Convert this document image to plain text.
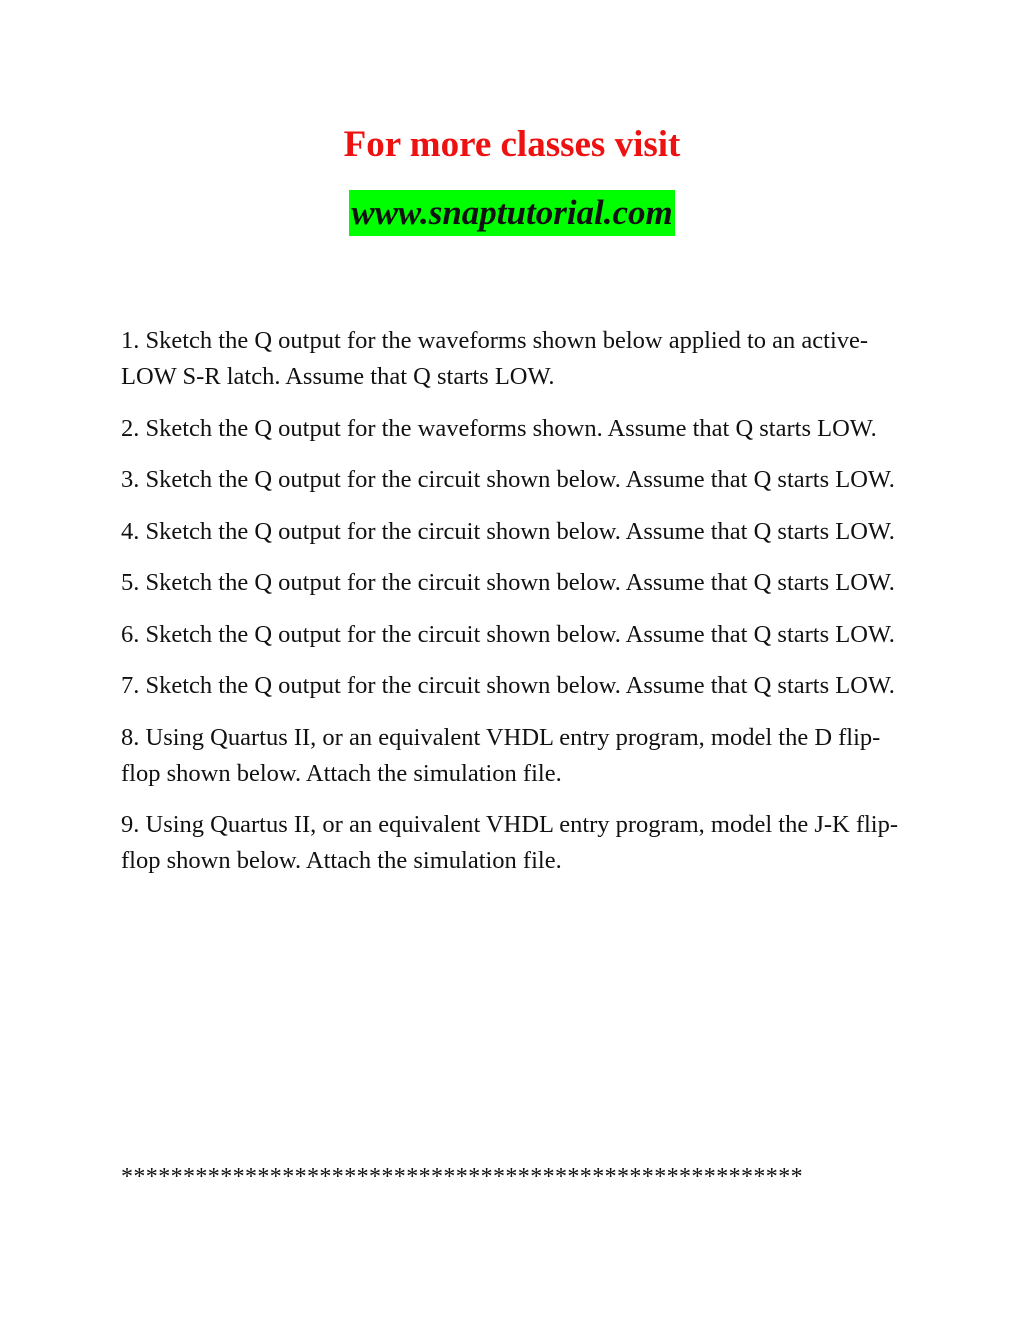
For more classes visit
www.snaptutorial.com
1. Sketch the Q output for the waveforms shown below applied to an active-LOW S-R latch. Assume that Q starts LOW.
2. Sketch the Q output for the waveforms shown. Assume that Q starts LOW.
3. Sketch the Q output for the circuit shown below. Assume that Q starts LOW.
4. Sketch the Q output for the circuit shown below. Assume that Q starts LOW.
5. Sketch the Q output for the circuit shown below. Assume that Q starts LOW.
6. Sketch the Q output for the circuit shown below. Assume that Q starts LOW.
7. Sketch the Q output for the circuit shown below. Assume that Q starts LOW.
8. Using Quartus II, or an equivalent VHDL entry program, model the D flip-flop shown below. Attach the simulation file.
9. Using Quartus II, or an equivalent VHDL entry program, model the J-K flip-flop shown below. Attach the simulation file.
*******************************************************
